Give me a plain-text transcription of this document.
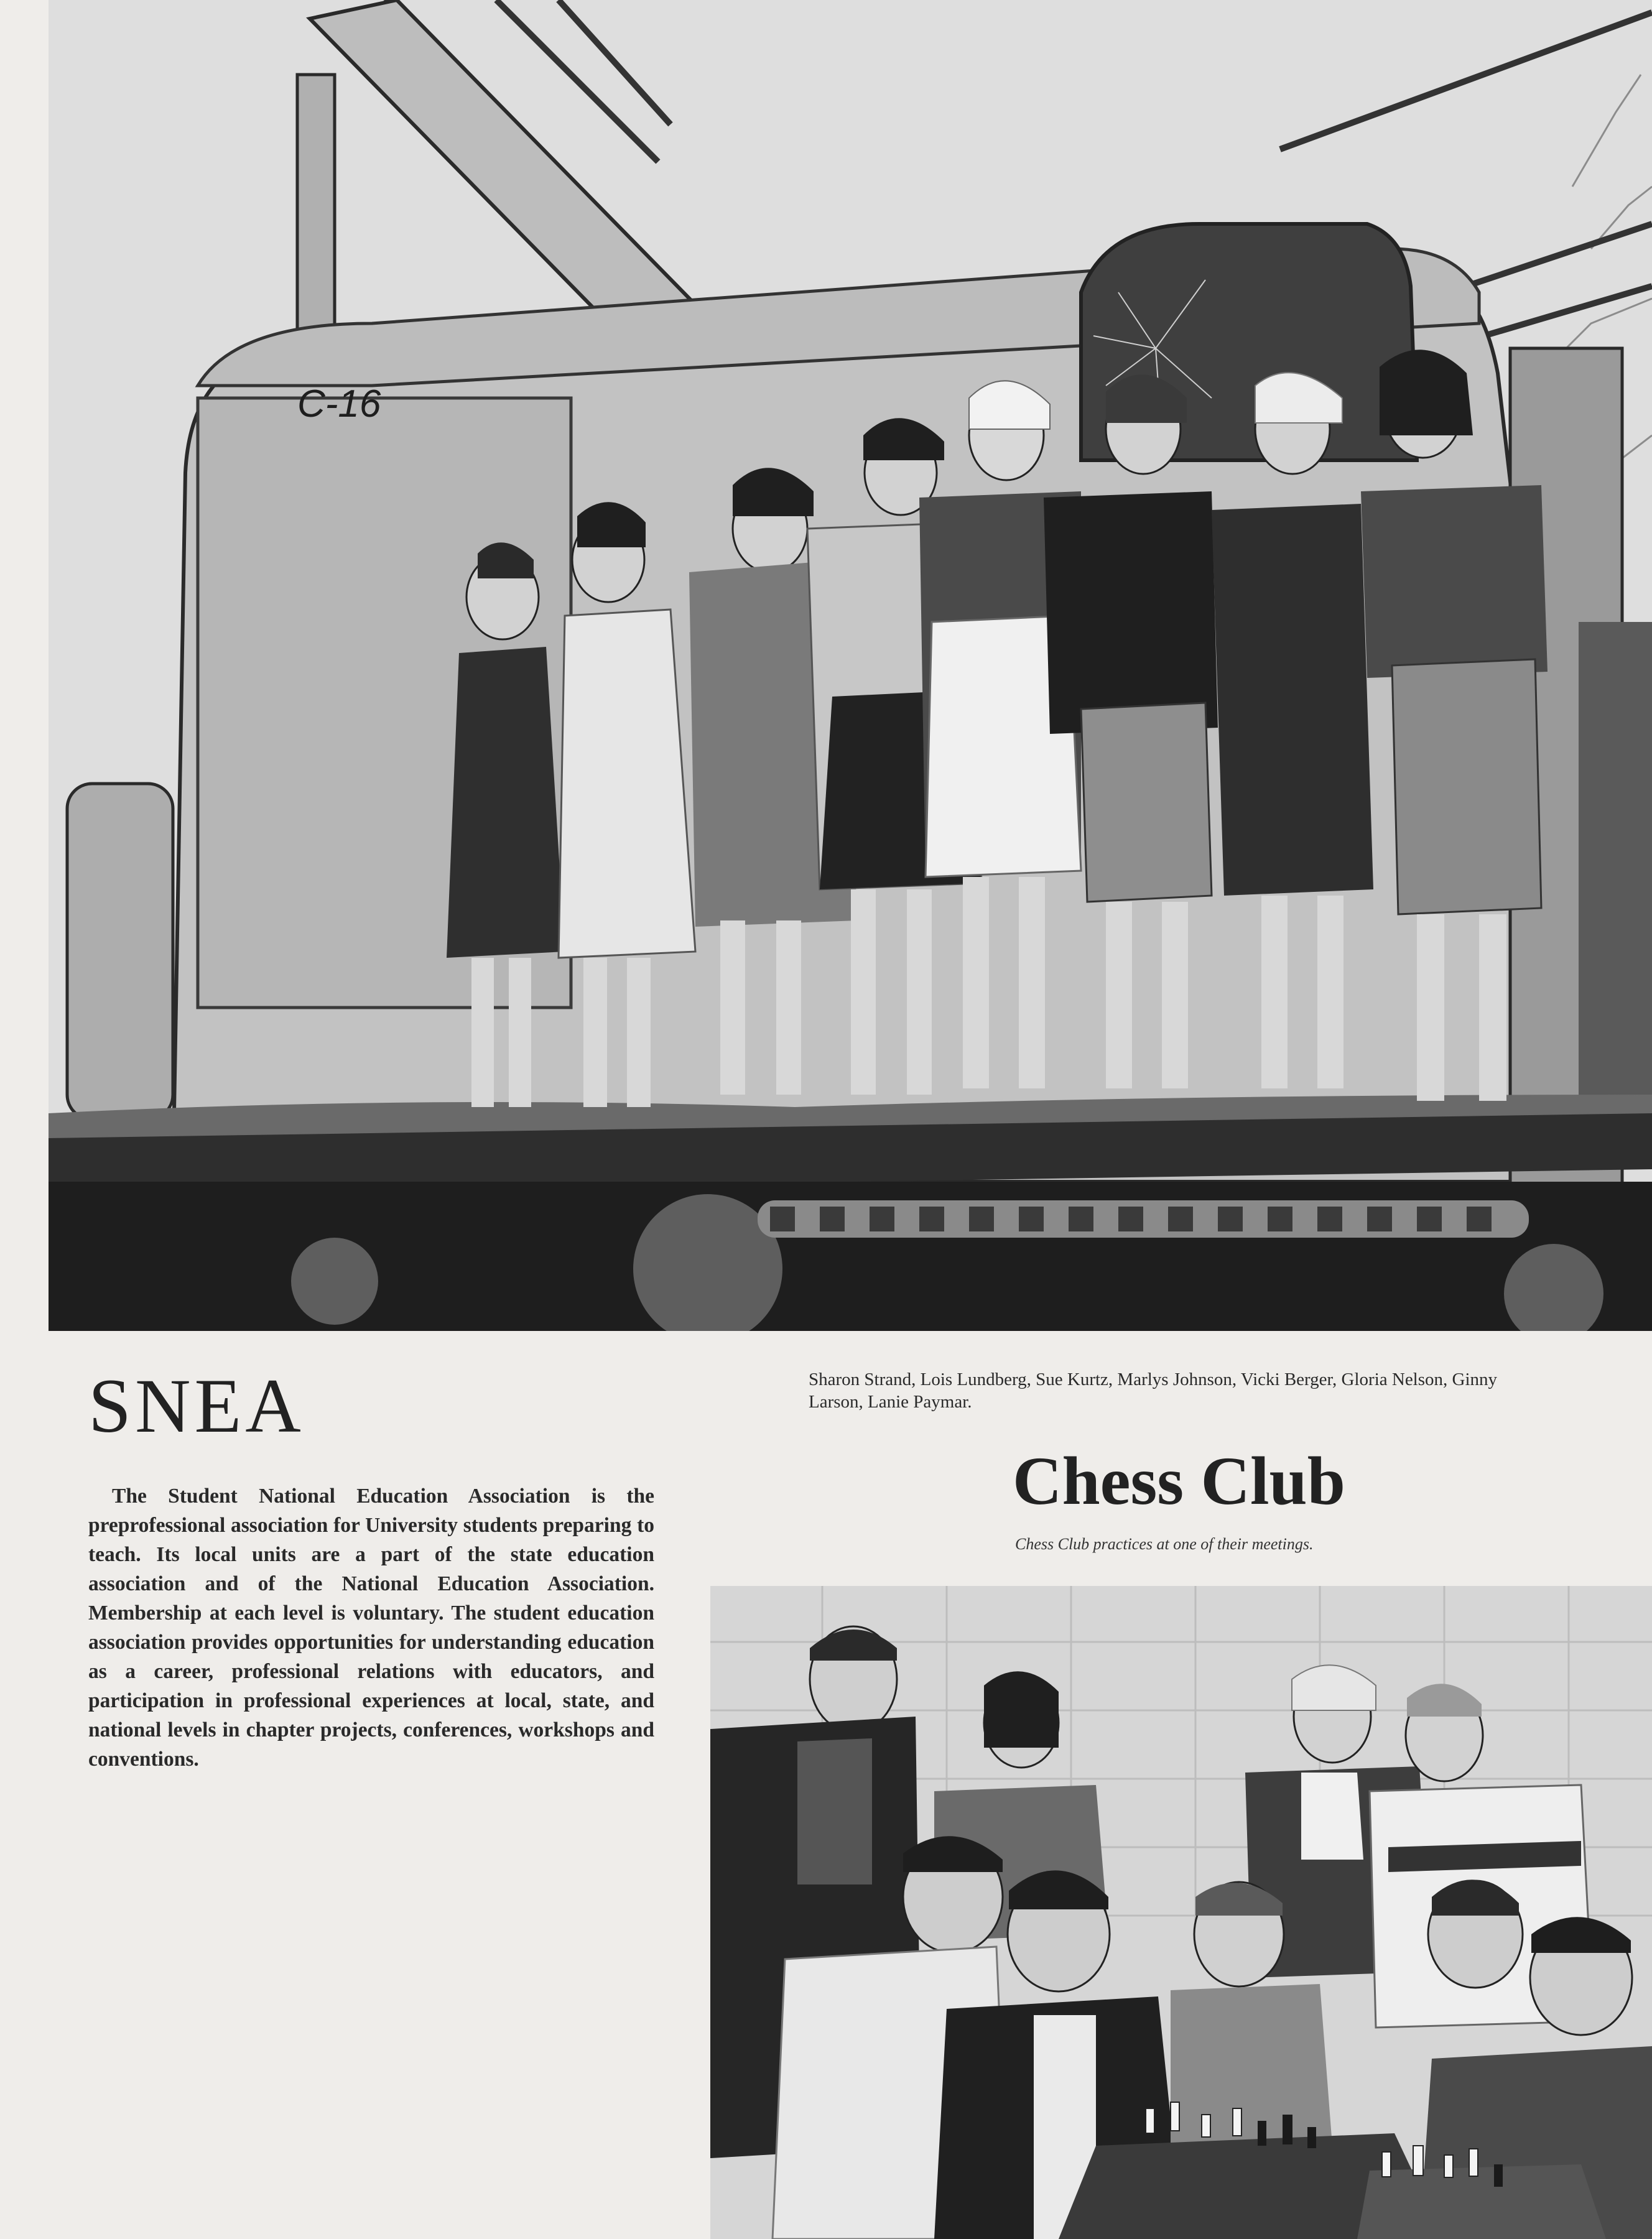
C-16
SNEA

The Student National Education Association is the preprofessional association for University students preparing to teach. Its local units are a part of the state education association and of the National Education Association. Membership at each level is voluntary. The student education association provides opportunities for understanding education as a career, professional relations with educators, and participation in professional experiences at local, state, and national levels in chapter projects, conferences, workshops and conventions.

Sharon Strand, Lois Lundberg, Sue Kurtz, Marlys Johnson, Vicki Berger, Gloria Nelson, Ginny Larson, Lanie Paymar.

Chess Club

Chess Club practices at one of their meetings.
